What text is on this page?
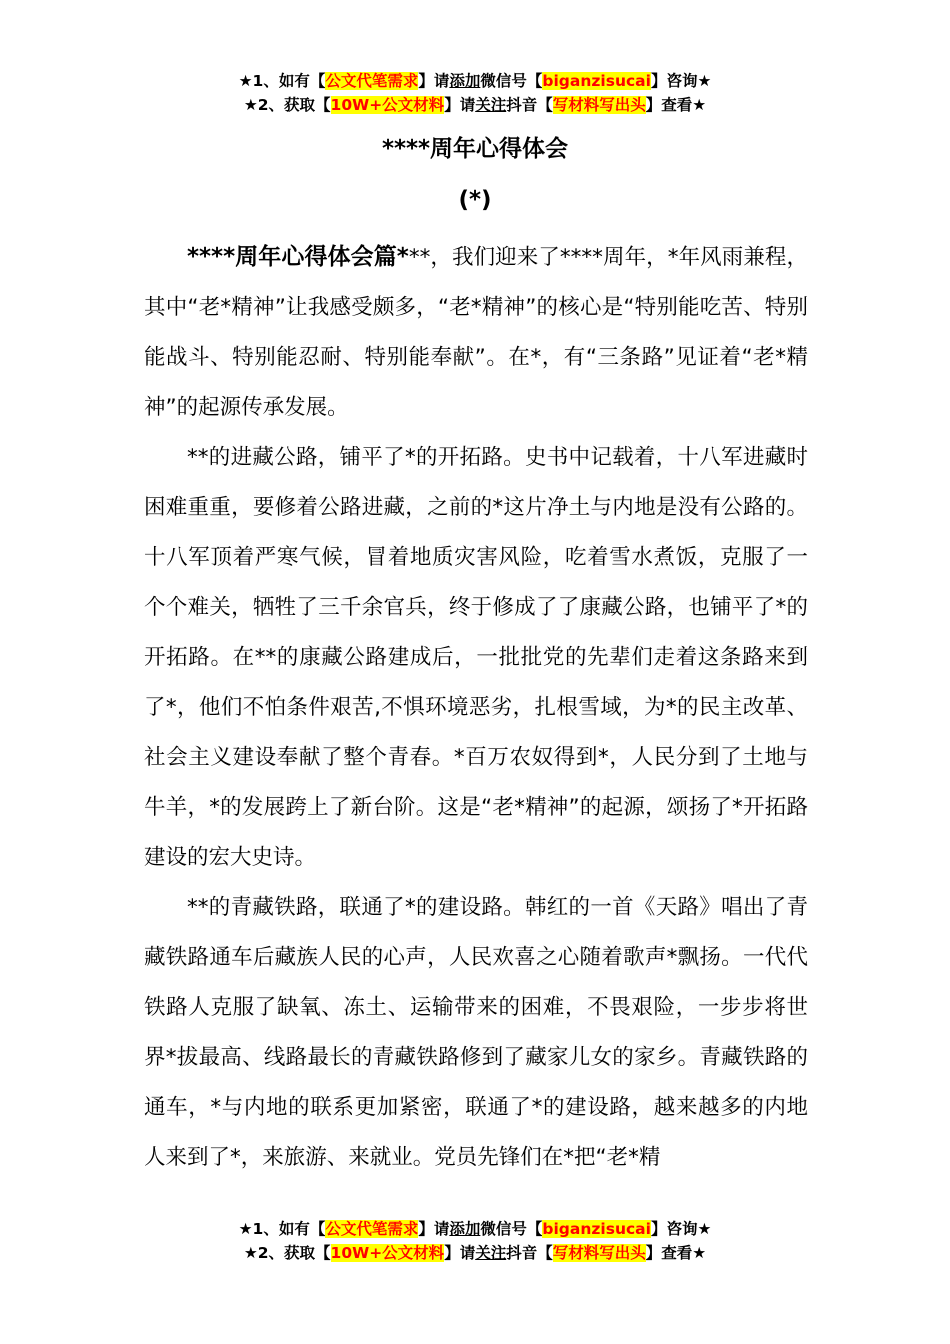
★1、如有【公文代笔需求】请添加微信号【biganzisucai】咨询★
★2、获取【10W+公文材料】请关注抖音【写材料写出头】查看★
****周年心得体会
(*)

****周年心得体会篇***，我们迎来了****周年，*年风雨兼程，其中“老*精神”让我感受颇多，“老*精神”的核心是“特别能吃苦、特别能战斗、特别能忍耐、特别能奉献”。在*，有“三条路”见证着“老*精神”的起源传承发展。

**的进藏公路，铺平了*的开拓路。史书中记载着，十八军进藏时困难重重，要修着公路进藏，之前的*这片净土与内地是没有公路的。十八军顶着严寒气候，冒着地质灾害风险，吃着雪水煮饭，克服了一个个难关，牺牲了三千余官兵，终于修成了了康藏公路，也铺平了*的开拓路。在**的康藏公路建成后，一批批党的先辈们走着这条路来到了*，他们不怕条件艰苦,不惧环境恶劣，扎根雪域，为*的民主改革、社会主义建设奉献了整个青春。*百万农奴得到*，人民分到了土地与牛羊，*的发展跨上了新台阶。这是“老*精神”的起源，颂扬了*开拓路建设的宏大史诗。

**的青藏铁路，联通了*的建设路。韩红的一首《天路》唱出了青藏铁路通车后藏族人民的心声，人民欢喜之心随着歌声*飘扬。一代代铁路人克服了缺氧、冻土、运输带来的困难，不畏艰险，一步步将世界*拔最高、线路最长的青藏铁路修到了藏家儿女的家乡。青藏铁路的通车，*与内地的联系更加紧密，联通了*的建设路，越来越多的内地人来到了*，来旅游、来就业。党员先锋们在*把“老*精

★1、如有【公文代笔需求】请添加微信号【biganzisucai】咨询★
★2、获取【10W+公文材料】请关注抖音【写材料写出头】查看★
